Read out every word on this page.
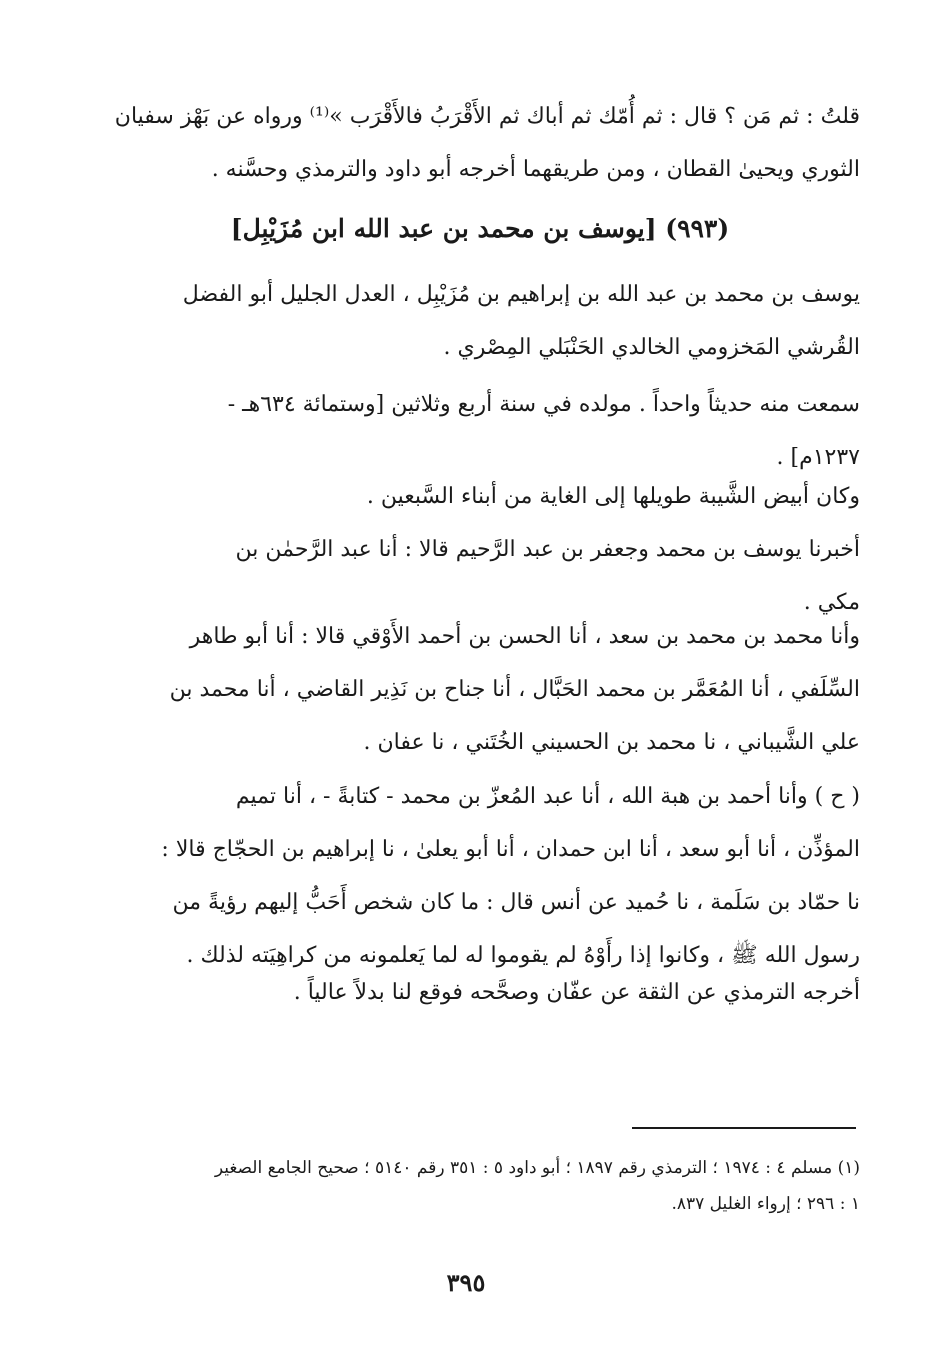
قلتُ : ثم مَن ؟ قال : ثم أُمّك ثم أباك ثم الأَقْرَبُ فالأَقْرَب »⁽¹⁾ ورواه عن بَهْز سفيان
الثوري ويحيىٰ القطان ، ومن طريقهما أخرجه أبو داود والترمذي وحسَّنه .
(٩٩٣) [يوسف بن محمد بن عبد الله ابن مُزَيْبِل]
يوسف بن محمد بن عبد الله بن إبراهيم بن مُزَيْبِل ، العدل الجليل أبو الفضل
القُرشي المَخزومي الخالدي الحَنْبَلي المِصْري .
سمعت منه حديثاً واحداً . مولده في سنة أربع وثلاثين [وستمائة ٦٣٤هـ -
١٢٣٧م] .
وكان أبيض الشَّيبة طويلها إلى الغاية من أبناء السَّبعين .
أخبرنا يوسف بن محمد وجعفر بن عبد الرَّحيم قالا : أنا عبد الرَّحمٰن بن
مكي .
وأنا محمد بن محمد بن سعد ، أنا الحسن بن أحمد الأَوْقي قالا : أنا أبو طاهر
السِّلَفي ، أنا المُعَمَّر بن محمد الحَبَّال ، أنا جناح بن نَذِير القاضي ، أنا محمد بن
علي الشَّيباني ، نا محمد بن الحسيني الخُتَني ، نا عفان .
( ح ) وأنا أحمد بن هبة الله ، أنا عبد المُعزّ بن محمد - كتابةً - ، أنا تميم
المؤذِّن ، أنا أبو سعد ، أنا ابن حمدان ، أنا أبو يعلىٰ ، نا إبراهيم بن الحجّاج قالا :
نا حمّاد بن سَلَمة ، نا حُميد عن أنس قال : ما كان شخص أَحَبُّ إليهم رؤيةً من
رسول الله ﷺ ، وكانوا إذا رأَوْهُ لم يقوموا له لما يَعلمونه من كراهِيَته لذلك .
أخرجه الترمذي عن الثقة عن عفّان وصحَّحه فوقع لنا بدلاً عالياً .
(١) مسلم ٤ : ١٩٧٤ ؛ الترمذي رقم ١٨٩٧ ؛ أبو داود ٥ : ٣٥١ رقم ٥١٤٠ ؛ صحيح الجامع الصغير
١ : ٢٩٦ ؛ إرواء الغليل ٨٣٧.
٣٩٥
